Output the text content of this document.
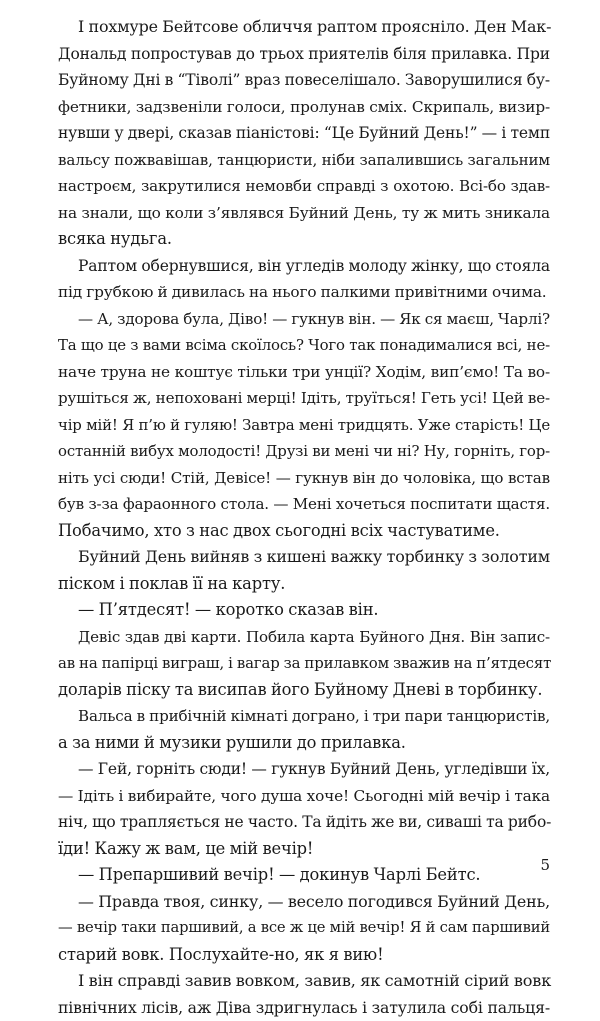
І похмуре Бейтсове обличчя раптом проясніло. Ден Мак-
Дональд попростував до трьох приятелів біля прилавка. При
Буйному Дні в “Тіволі” враз повеселішало. Заворушилися бу-
фетники, задзвеніли голоси, пролунав сміх. Скрипаль, визир-
нувши у двері, сказав піаністові: “Це Буйний День!” — і темп
вальсу пожвавішав, танцюристи, ніби запалившись загальним
настроєм, закрутилися немовби справді з охотою. Всі-бо здав-
на знали, що коли з’являвся Буйний День, ту ж мить зникала
всяка нудьга.
Раптом обернувшися, він угледів молоду жінку, що стояла
під грубкою й дивилась на нього палкими привітними очима.
— А, здорова була, Діво! — гукнув він. — Як ся маєш, Чарлі?
Та що це з вами всіма скоїлось? Чого так понадималися всі, не-
наче труна не коштує тільки три унції? Ходім, вип’ємо! Та во-
рушіться ж, непоховані мерці! Ідіть, труїться! Геть усі! Цей ве-
чір мій! Я п’ю й гуляю! Завтра мені тридцять. Уже старість! Це
останній вибух молодості! Друзі ви мені чи ні? Ну, горніть, гор-
ніть усі сюди! Стій, Девісе! — гукнув він до чоловіка, що встав
був з-за фараонного стола. — Мені хочеться поспитати щастя.
Побачимо, хто з нас двох сьогодні всіх частуватиме.
Буйний День вийняв з кишені важку торбинку з золотим
піском і поклав її на карту.
— П’ятдесят! — коротко сказав він.
Девіс здав дві карти. Побила карта Буйного Дня. Він запис-
ав на папірці виграш, і вагар за прилавком зважив на п’ятдесят
доларів піску та висипав його Буйному Дневі в торбинку.
Вальса в прибічній кімнаті догрaно, і три пари танцюристів,
а за ними й музики рушили до прилавка.
— Гей, горніть сюди! — гукнув Буйний День, угледівши їх,
— Ідіть і вибирайте, чого душа хоче! Сьогодні мій вечір і така
ніч, що трапляється не часто. Та йдіть же ви, сиваші та рибо-
їди! Кажу ж вам, це мій вечір!
— Препаршивий вечір! — докинув Чарлі Бейтс.
— Правда твоя, синку, — весело погодився Буйний День,
— вечір таки паршивий, а все ж це мій вечір! Я й сам паршивий
старий вовк. Послухайте-но, як я вию!
І він справді завив вовком, завив, як самотній сірий вовк
північних лісів, аж Діва здригнулась і затулила собі пальця-
5
